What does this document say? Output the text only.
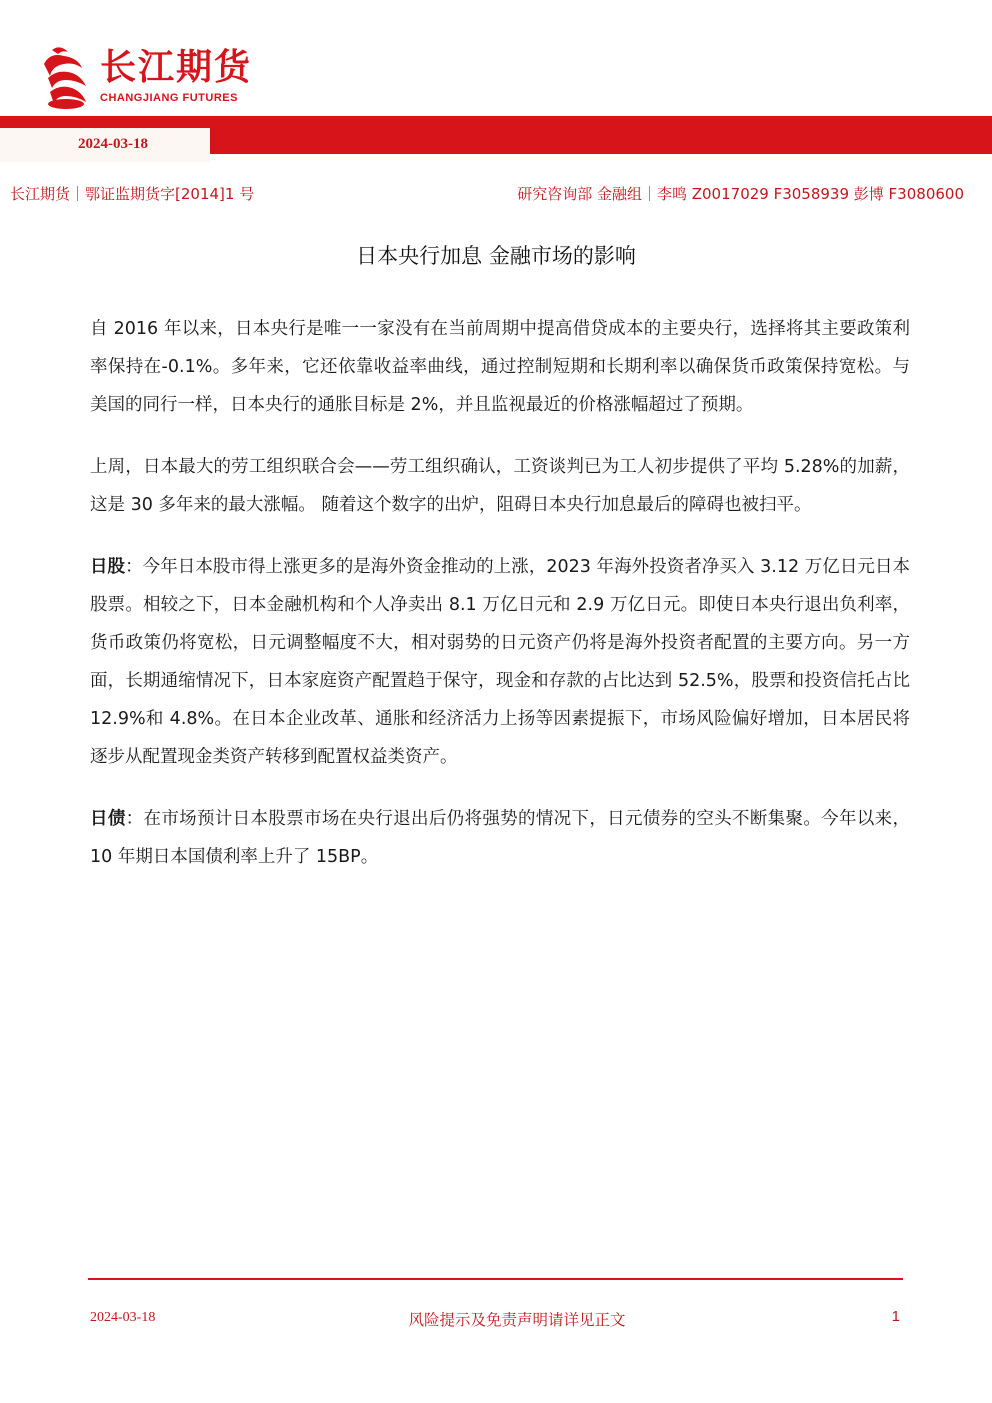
长江期货
CHANGJIANG FUTURES
2024-03-18
长江期货｜鄂证监期货字[2014]1 号	研究咨询部 金融组｜李鸣 Z0017029 F3058939 彭博 F3080600
日本央行加息 金融市场的影响

自 2016 年以来，日本央行是唯一一家没有在当前周期中提高借贷成本的主要央行，选择将其主要政策利率保持在-0.1%。多年来，它还依靠收益率曲线，通过控制短期和长期利率以确保货币政策保持宽松。与美国的同行一样，日本央行的通胀目标是 2%，并且监视最近的价格涨幅超过了预期。

上周，日本最大的劳工组织联合会——劳工组织确认，工资谈判已为工人初步提供了平均 5.28%的加薪，这是 30 多年来的最大涨幅。 随着这个数字的出炉，阻碍日本央行加息最后的障碍也被扫平。

日股：今年日本股市得上涨更多的是海外资金推动的上涨，2023 年海外投资者净买入 3.12 万亿日元日本股票。相较之下，日本金融机构和个人净卖出 8.1 万亿日元和 2.9 万亿日元。即使日本央行退出负利率，货币政策仍将宽松，日元调整幅度不大，相对弱势的日元资产仍将是海外投资者配置的主要方向。另一方面，长期通缩情况下，日本家庭资产配置趋于保守，现金和存款的占比达到 52.5%，股票和投资信托占比 12.9%和 4.8%。在日本企业改革、通胀和经济活力上扬等因素提振下，市场风险偏好增加，日本居民将逐步从配置现金类资产转移到配置权益类资产。

日债：在市场预计日本股票市场在央行退出后仍将强势的情况下，日元债券的空头不断集聚。今年以来，10 年期日本国债利率上升了 15BP。

2024-03-18	风险提示及免责声明请详见正文	1
